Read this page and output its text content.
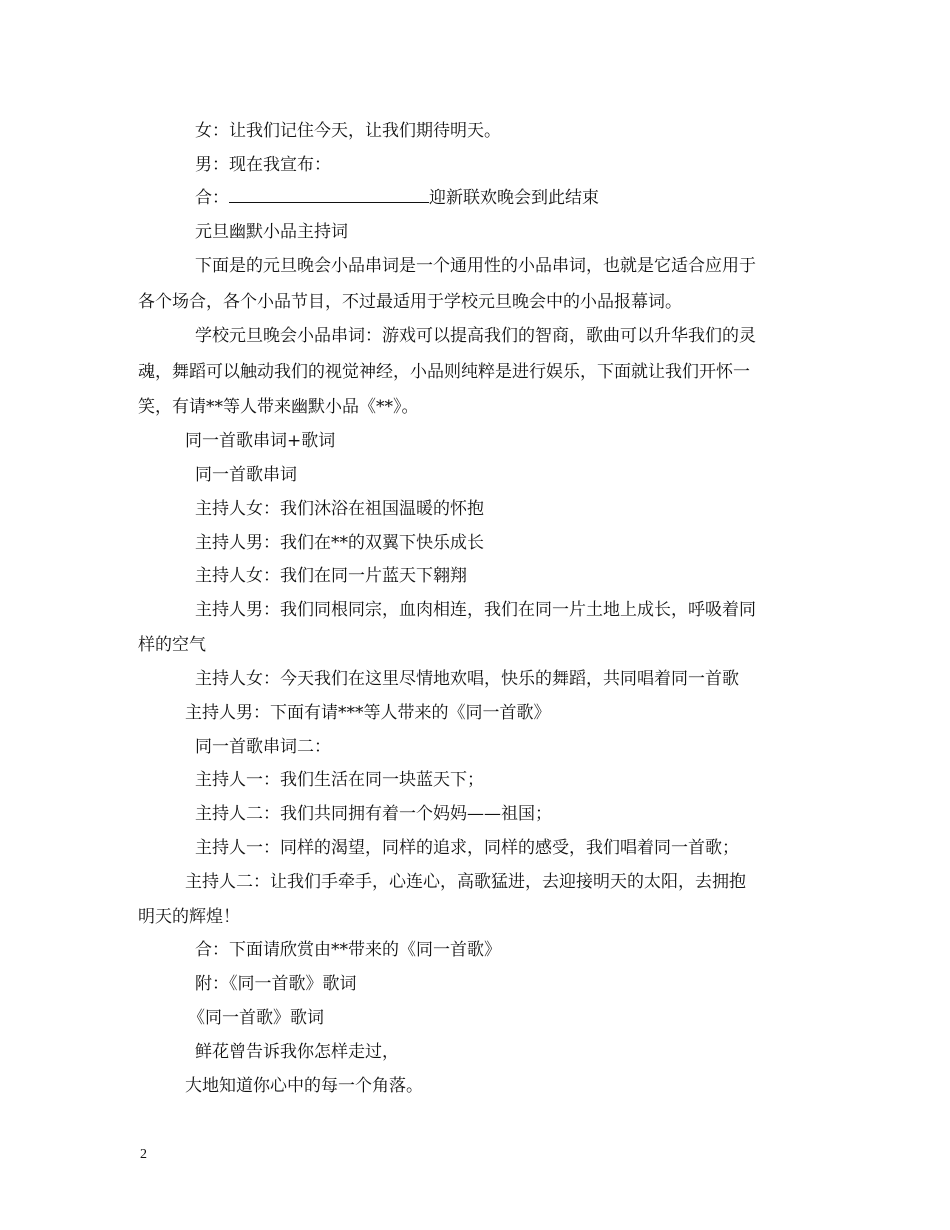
女：让我们记住今天，让我们期待明天。
男：现在我宣布：
合：	迎新联欢晚会到此结束
元旦幽默小品主持词
下面是的元旦晚会小品串词是一个通用性的小品串词，也就是它适合应用于
各个场合，各个小品节目，不过最适用于学校元旦晚会中的小品报幕词。
学校元旦晚会小品串词：游戏可以提高我们的智商，歌曲可以升华我们的灵
魂，舞蹈可以触动我们的视觉神经，小品则纯粹是进行娱乐，下面就让我们开怀一
笑，有请**等人带来幽默小品《**》。
同一首歌串词+歌词
同一首歌串词
主持人女：我们沐浴在祖国温暖的怀抱
主持人男：我们在**的双翼下快乐成长
主持人女：我们在同一片蓝天下翱翔
主持人男：我们同根同宗，血肉相连，我们在同一片土地上成长，呼吸着同
样的空气
主持人女：今天我们在这里尽情地欢唱，快乐的舞蹈，共同唱着同一首歌
主持人男：下面有请***等人带来的《同一首歌》
同一首歌串词二：
主持人一：我们生活在同一块蓝天下；
主持人二：我们共同拥有着一个妈妈——祖国；
主持人一：同样的渴望，同样的追求，同样的感受，我们唱着同一首歌；
主持人二：让我们手牵手，心连心，高歌猛进，去迎接明天的太阳，去拥抱
明天的辉煌！
合：下面请欣赏由**带来的《同一首歌》
附：《同一首歌》歌词
《同一首歌》歌词
鲜花曾告诉我你怎样走过，
大地知道你心中的每一个角落。
2
